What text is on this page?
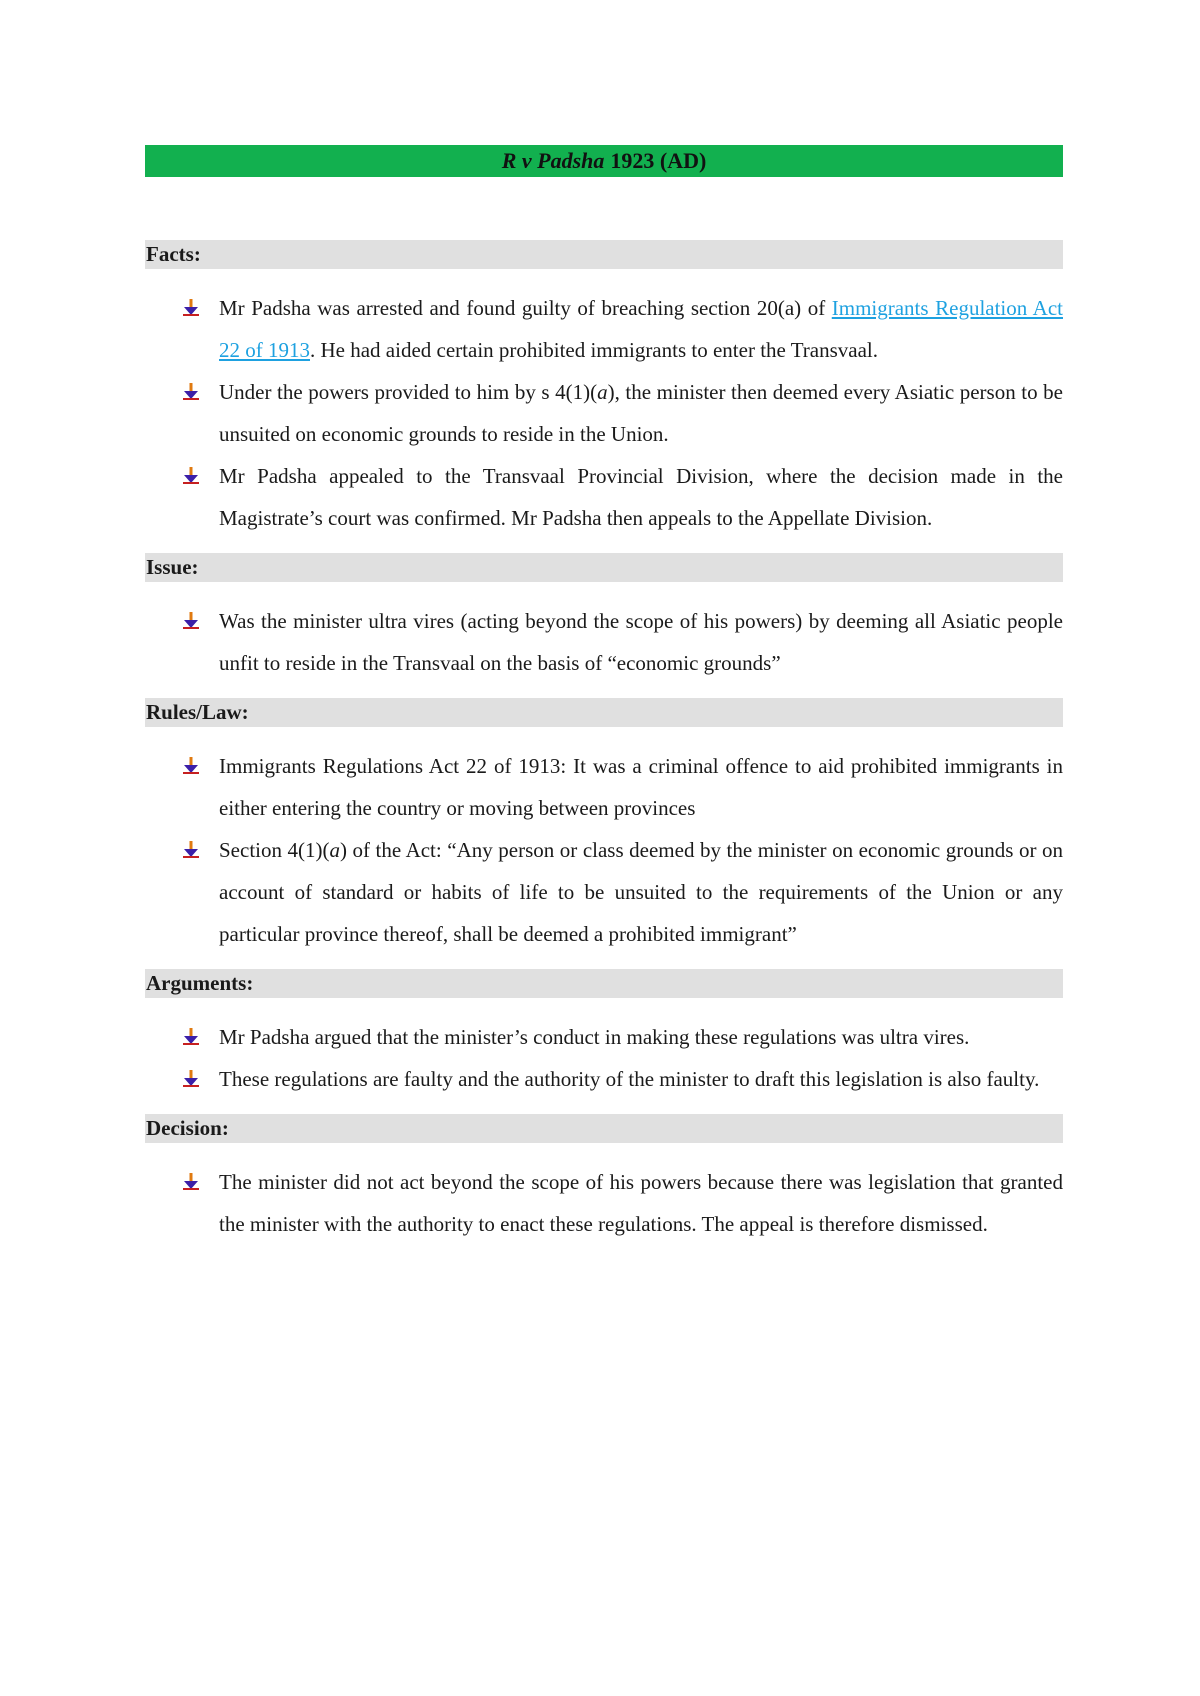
R v Padsha 1923 (AD)
Facts:
Mr Padsha was arrested and found guilty of breaching section 20(a) of Immigrants Regulation Act 22 of 1913. He had aided certain prohibited immigrants to enter the Transvaal.
Under the powers provided to him by s 4(1)(a), the minister then deemed every Asiatic person to be unsuited on economic grounds to reside in the Union.
Mr Padsha appealed to the Transvaal Provincial Division, where the decision made in the Magistrate’s court was confirmed. Mr Padsha then appeals to the Appellate Division.
Issue:
Was the minister ultra vires (acting beyond the scope of his powers) by deeming all Asiatic people unfit to reside in the Transvaal on the basis of “economic grounds”
Rules/Law:
Immigrants Regulations Act 22 of 1913: It was a criminal offence to aid prohibited immigrants in either entering the country or moving between provinces
Section 4(1)(a) of the Act: “Any person or class deemed by the minister on economic grounds or on account of standard or habits of life to be unsuited to the requirements of the Union or any particular province thereof, shall be deemed a prohibited immigrant”
Arguments:
Mr Padsha argued that the minister’s conduct in making these regulations was ultra vires.
These regulations are faulty and the authority of the minister to draft this legislation is also faulty.
Decision:
The minister did not act beyond the scope of his powers because there was legislation that granted the minister with the authority to enact these regulations. The appeal is therefore dismissed.
